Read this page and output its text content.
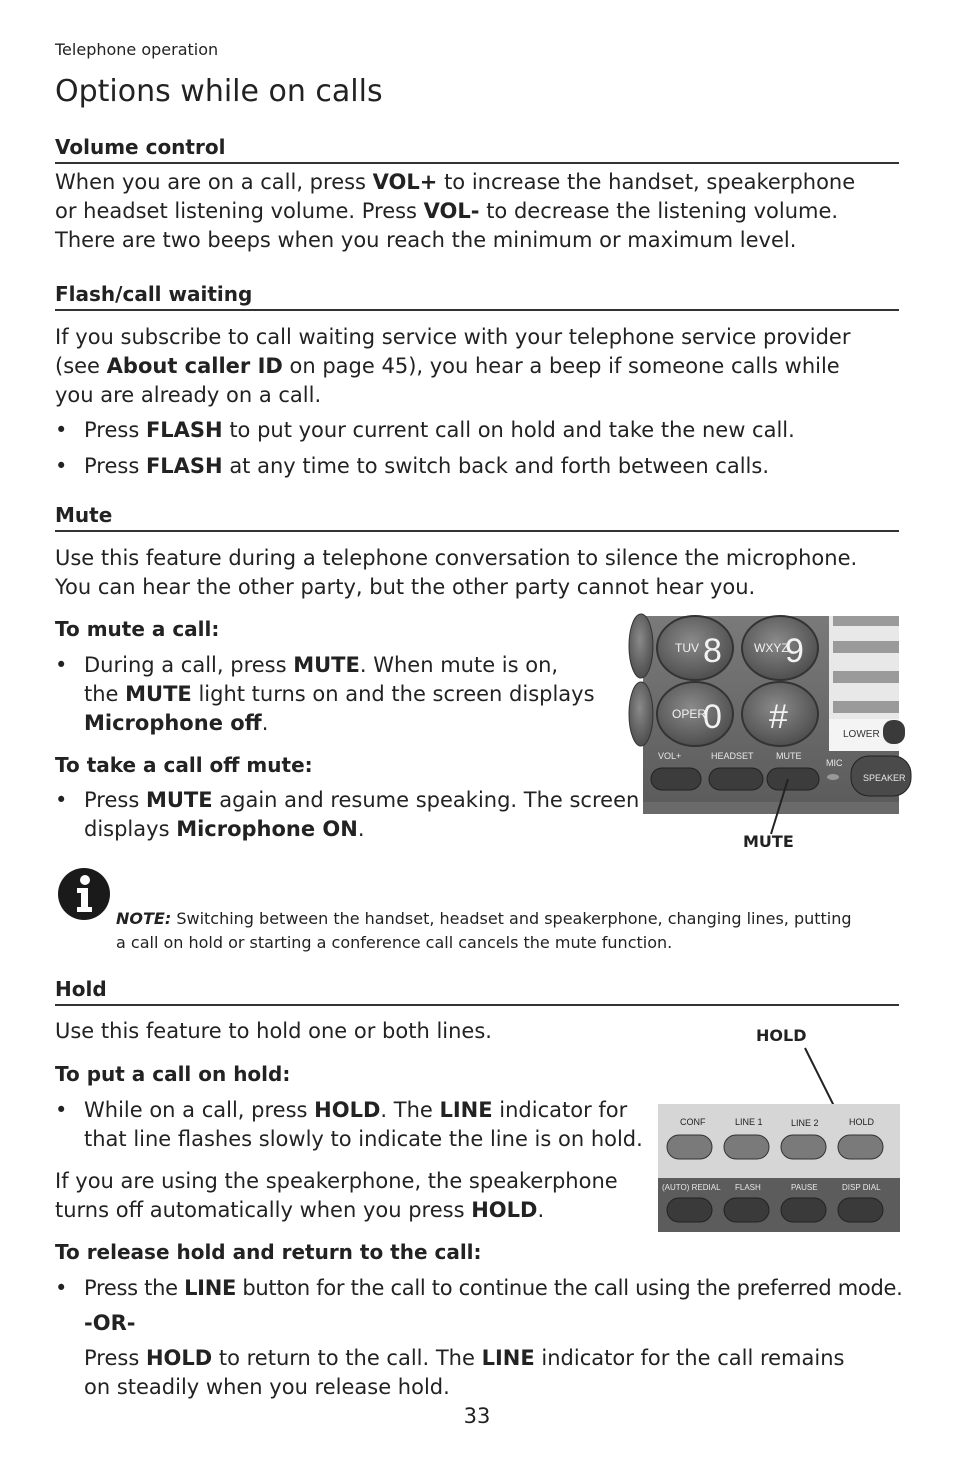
Telephone operation
Options while on calls
Volume control
When you are on a call, press VOL+ to increase the handset, speakerphone
or headset listening volume. Press VOL- to decrease the listening volume.
There are two beeps when you reach the minimum or maximum level.
Flash/call waiting
If you subscribe to call waiting service with your telephone service provider
(see About caller ID on page 45), you hear a beep if someone calls while
you are already on a call.
• Press FLASH to put your current call on hold and take the new call.
• Press FLASH at any time to switch back and forth between calls.
Mute
Use this feature during a telephone conversation to silence the microphone.
You can hear the other party, but the other party cannot hear you.
To mute a call:
• During a call, press MUTE. When mute is on,
the MUTE light turns on and the screen displays
Microphone off.
To take a call off mute:
• Press MUTE again and resume speaking. The screen
displays Microphone ON.
TUV 8	WXYZ
9
OPER
0 #	LOWER
VOL+	HEADSET MUTE
MIC
SPEAKER
MUTE
NOTE: Switching between the handset, headset and speakerphone, changing lines, putting
a call on hold or starting a conference call cancels the mute function.
Hold
Use this feature to hold one or both lines.
To put a call on hold:
• While on a call, press HOLD. The LINE indicator for
that line flashes slowly to indicate the line is on hold.
If you are using the speakerphone, the speakerphone
turns off automatically when you press HOLD.
To release hold and return to the call:
• Press the LINE button for the call to continue the call using the preferred mode.
-OR-
Press HOLD to return to the call. The LINE indicator for the call remains
on steadily when you release hold.
HOLD
CONF	LINE 1	LINE 2	HOLD
(AUTO) REDIAL FLASH	PAUSE	DISP DIAL
33
